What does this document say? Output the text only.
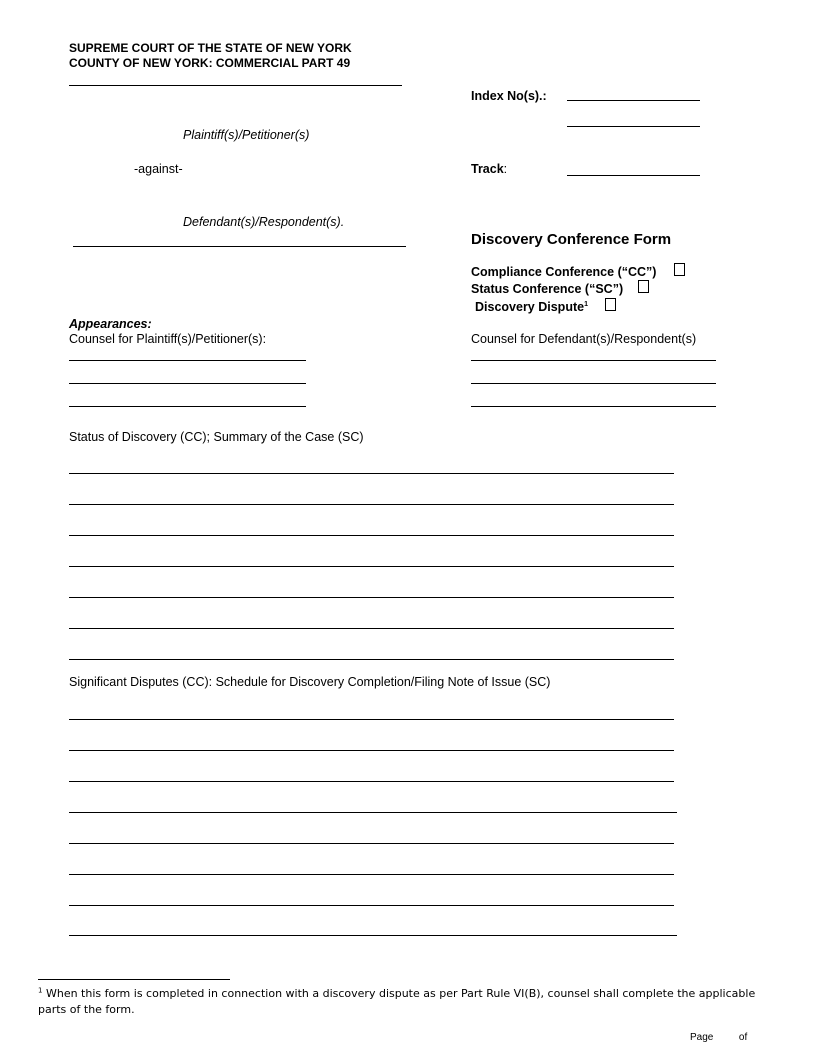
SUPREME COURT OF THE STATE OF NEW YORK
COUNTY OF NEW YORK: COMMERCIAL PART 49
Plaintiff(s)/Petitioner(s)
-against-
Defendant(s)/Respondent(s).
Index No(s).:
Track:
Discovery Conference Form
Compliance Conference (“CC”)
Status Conference (“SC”)
Discovery Dispute$^1$
Appearances:
Counsel for Plaintiff(s)/Petitioner(s):	Counsel for Defendant(s)/Respondent(s)
Status of Discovery (CC); Summary of the Case (SC)
Significant Disputes (CC): Schedule for Discovery Completion/Filing Note of Issue (SC)
$^1$ When this form is completed in connection with a discovery dispute as per Part Rule VI(B), counsel shall complete the applicable parts of the form.
Page	of
